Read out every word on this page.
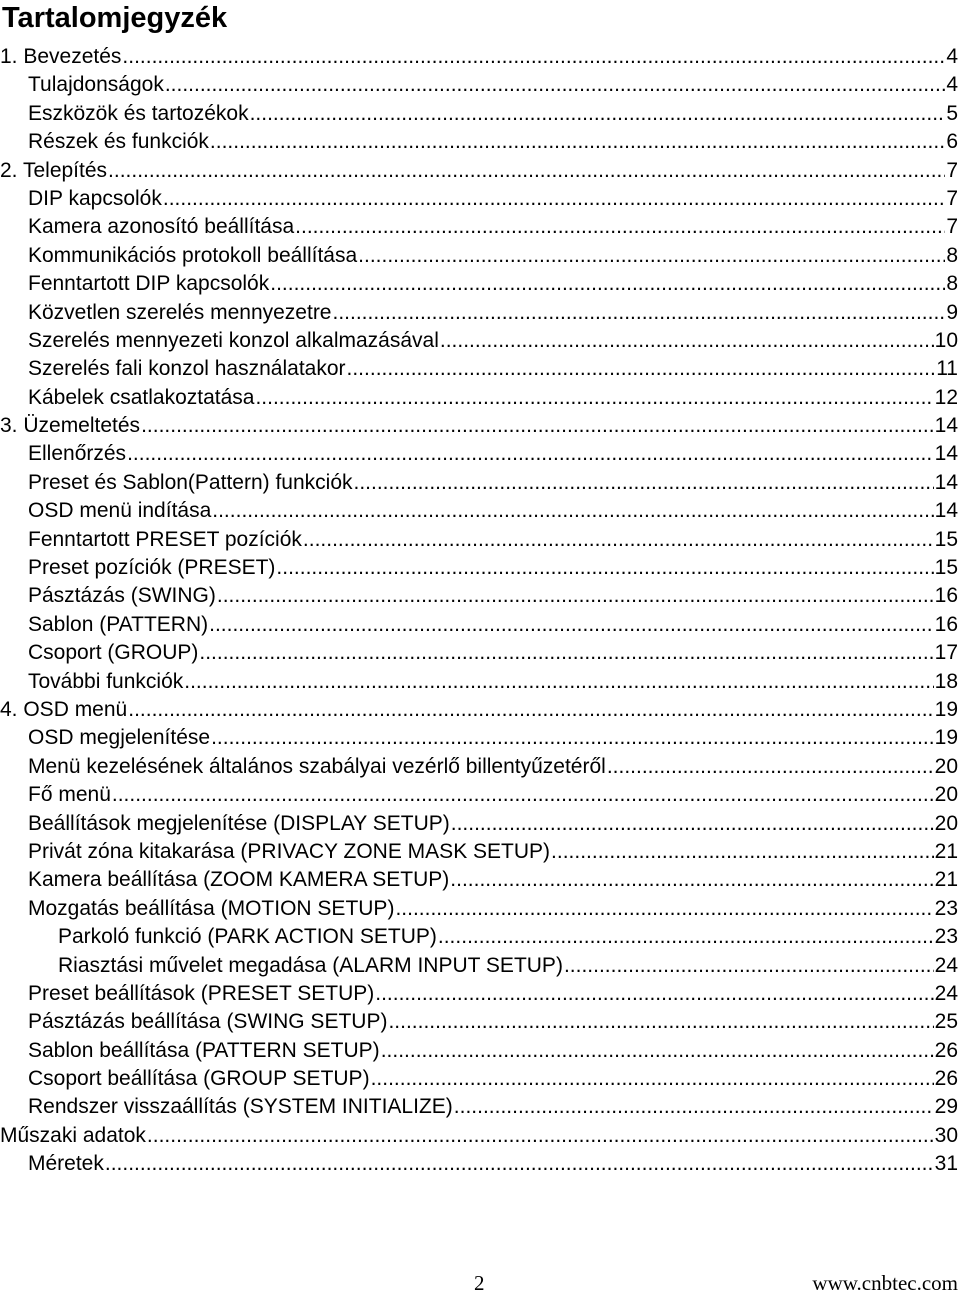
Tartalomjegyzék
1. Bevezetés .....	4
Tulajdonságok .....	4
Eszközök és tartozékok .....	5
Részek és funkciók .....	6
2. Telepítés .....	7
DIP kapcsolók .....	7
Kamera azonosító beállítása .....	7
Kommunikációs protokoll beállítása .....	8
Fenntartott DIP kapcsolók .....	8
Közvetlen szerelés mennyezetre .....	9
Szerelés mennyezeti konzol alkalmazásával .....	10
Szerelés fali konzol használatakor .....	11
Kábelek csatlakoztatása .....	12
3. Üzemeltetés .....	14
Ellenőrzés .....	14
Preset és Sablon(Pattern) funkciók .....	14
OSD menü indítása .....	14
Fenntartott PRESET pozíciók .....	15
Preset pozíciók (PRESET) .....	15
Pásztázás (SWING) .....	16
Sablon (PATTERN) .....	16
Csoport (GROUP) .....	17
További funkciók .....	18
4. OSD menü .....	19
OSD megjelenítése .....	19
Menü kezelésének általános szabályai vezérlő billentyűzetéről .....	20
Fő menü .....	20
Beállítások megjelenítése (DISPLAY SETUP) .....	20
Privát zóna kitakarása (PRIVACY ZONE MASK SETUP) .....	21
Kamera beállítása (ZOOM KAMERA SETUP) .....	21
Mozgatás beállítása (MOTION SETUP) .....	23
Parkoló funkció (PARK ACTION SETUP) .....	23
Riasztási művelet megadása (ALARM INPUT SETUP) .....	24
Preset beállítások (PRESET SETUP) .....	24
Pásztázás beállítása (SWING SETUP) .....	25
Sablon beállítása (PATTERN SETUP) .....	26
Csoport beállítása (GROUP SETUP) .....	26
Rendszer visszaállítás (SYSTEM INITIALIZE) .....	29
Műszaki adatok .....	30
Méretek .....	31
2	www.cnbtec.com
